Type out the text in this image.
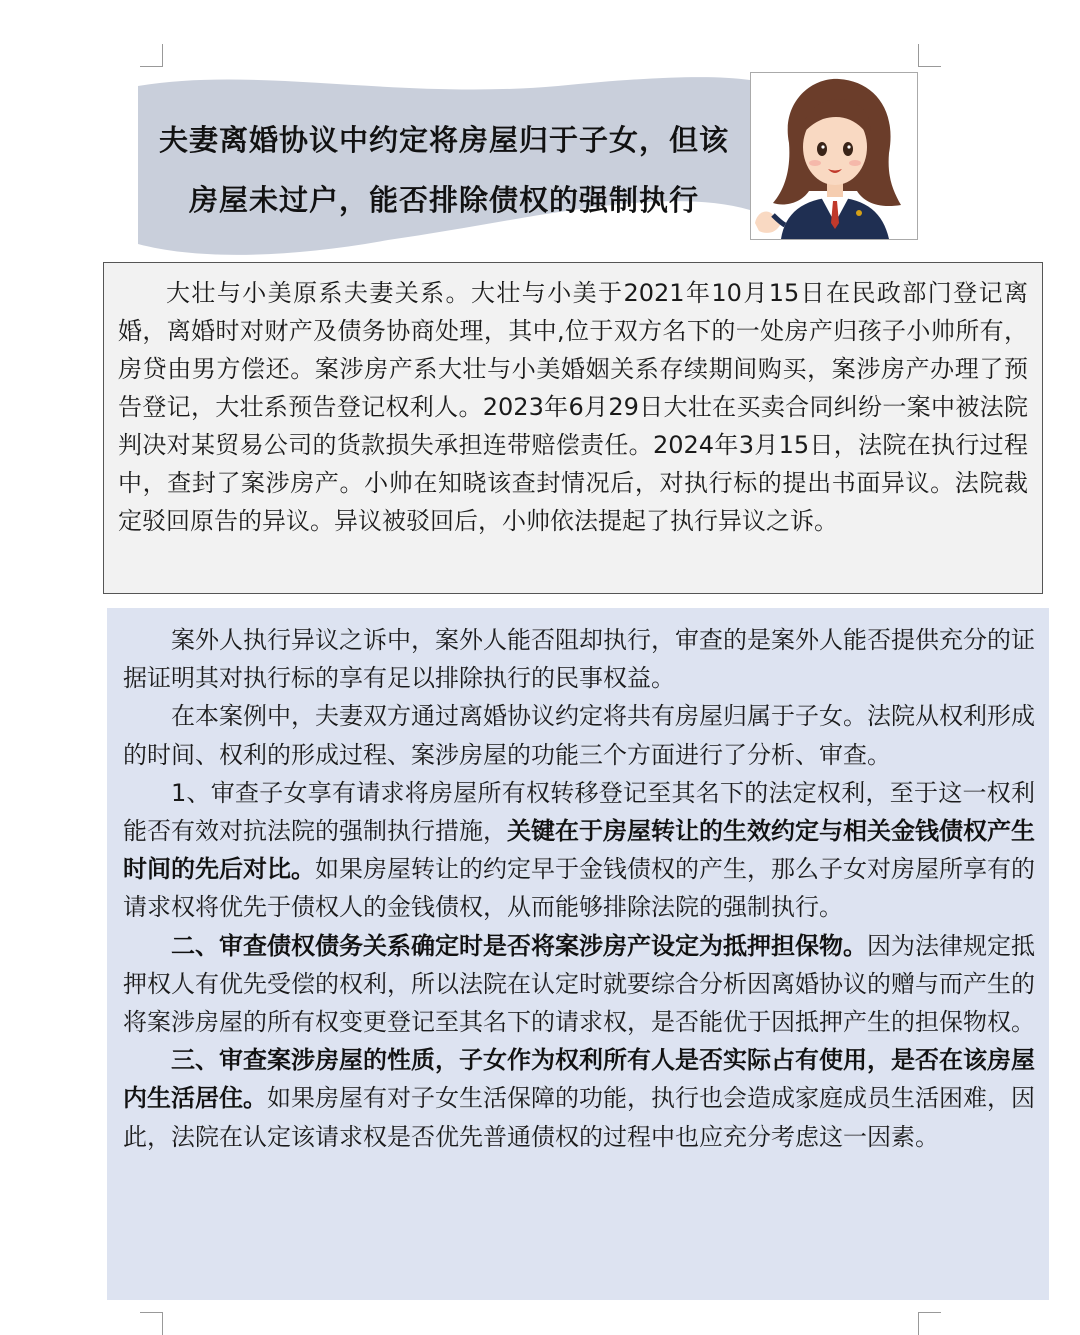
夫妻离婚协议中约定将房屋归于子女，但该
房屋未过户，能否排除债权的强制执行

大壮与小美原系夫妻关系。大壮与小美于2021年10月15日在民政部门登记离婚，离婚时对财产及债务协商处理，其中,位于双方名下的一处房产归孩子小帅所有，房贷由男方偿还。案涉房产系大壮与小美婚姻关系存续期间购买，案涉房产办理了预告登记，大壮系预告登记权利人。2023年6月29日大壮在买卖合同纠纷一案中被法院判决对某贸易公司的货款损失承担连带赔偿责任。2024年3月15日，法院在执行过程中，查封了案涉房产。小帅在知晓该查封情况后，对执行标的提出书面异议。法院裁定驳回原告的异议。异议被驳回后，小帅依法提起了执行异议之诉。

案外人执行异议之诉中，案外人能否阻却执行，审查的是案外人能否提供充分的证据证明其对执行标的享有足以排除执行的民事权益。

在本案例中，夫妻双方通过离婚协议约定将共有房屋归属于子女。法院从权利形成的时间、权利的形成过程、案涉房屋的功能三个方面进行了分析、审查。

1、审查子女享有请求将房屋所有权转移登记至其名下的法定权利，至于这一权利能否有效对抗法院的强制执行措施，关键在于房屋转让的生效约定与相关金钱债权产生时间的先后对比。如果房屋转让的约定早于金钱债权的产生，那么子女对房屋所享有的请求权将优先于债权人的金钱债权，从而能够排除法院的强制执行。

二、审查债权债务关系确定时是否将案涉房产设定为抵押担保物。因为法律规定抵押权人有优先受偿的权利，所以法院在认定时就要综合分析因离婚协议的赠与而产生的将案涉房屋的所有权变更登记至其名下的请求权，是否能优于因抵押产生的担保物权。

三、审查案涉房屋的性质，子女作为权利所有人是否实际占有使用，是否在该房屋内生活居住。如果房屋有对子女生活保障的功能，执行也会造成家庭成员生活困难，因此，法院在认定该请求权是否优先普通债权的过程中也应充分考虑这一因素。
